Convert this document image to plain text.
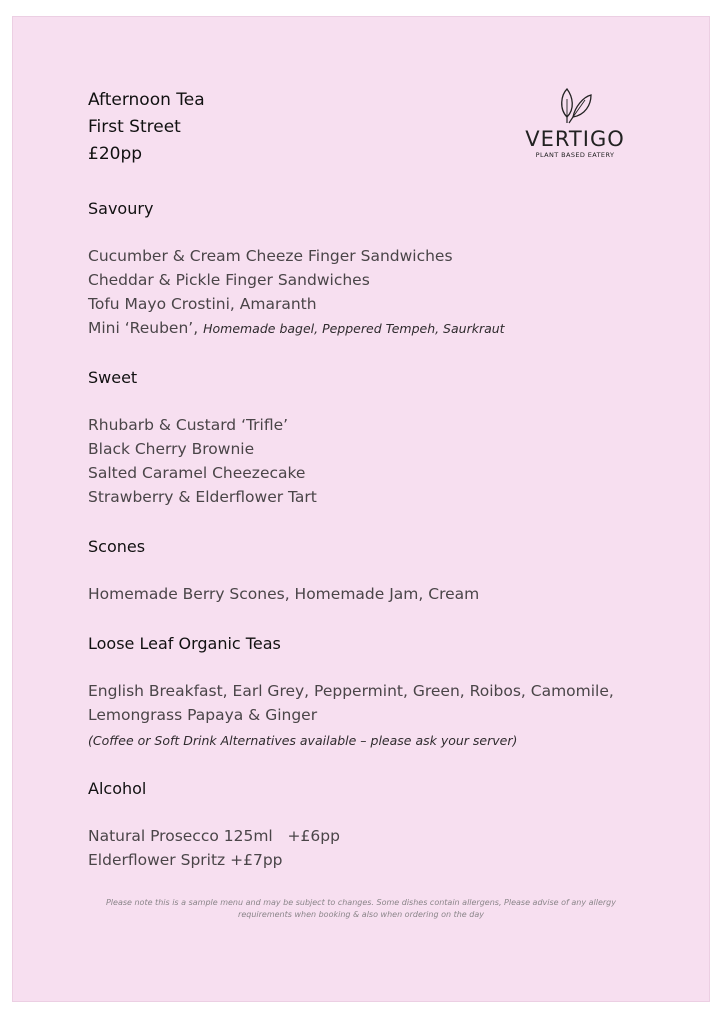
Afternoon Tea
First Street
£20pp
VERTIGO
PLANT BASED EATERY
Savoury
Cucumber & Cream Cheeze Finger Sandwiches
Cheddar & Pickle Finger Sandwiches
Tofu Mayo Crostini, Amaranth
Mini ‘Reuben’, Homemade bagel, Peppered Tempeh, Saurkraut
Sweet
Rhubarb & Custard ‘Trifle’
Black Cherry Brownie
Salted Caramel Cheezecake
Strawberry & Elderflower Tart
Scones
Homemade Berry Scones, Homemade Jam, Cream
Loose Leaf Organic Teas
English Breakfast, Earl Grey, Peppermint, Green, Roibos, Camomile,
Lemongrass Papaya & Ginger
(Coffee or Soft Drink Alternatives available – please ask your server)
Alcohol
Natural Prosecco 125ml   +£6pp
Elderflower Spritz +£7pp
Please note this is a sample menu and may be subject to changes. Some dishes contain allergens, Please advise of any allergy requirements when booking & also when ordering on the day
